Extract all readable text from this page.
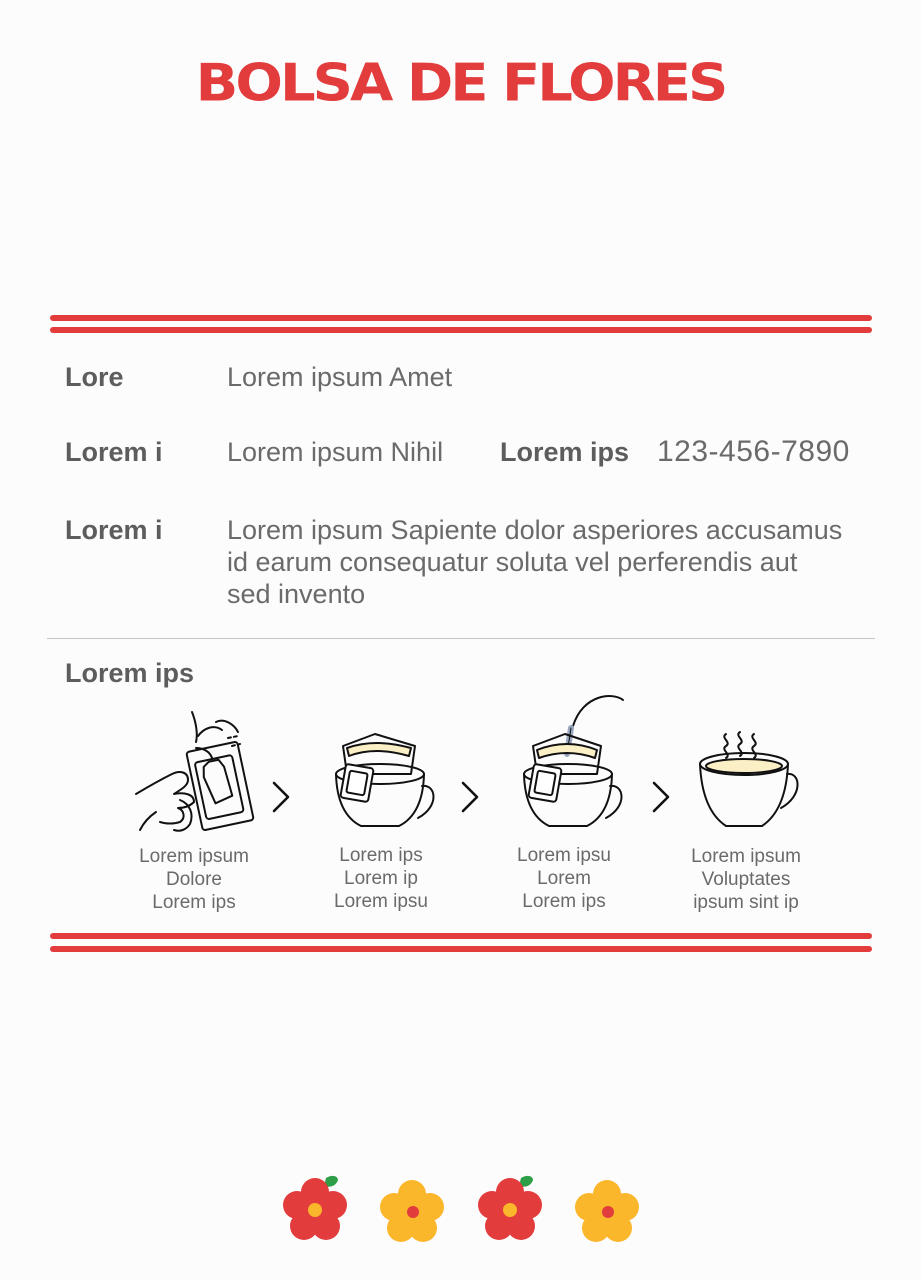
BOLSA DE FLORES
Lore	Lorem ipsum Amet
Lorem i Lorem ipsum Nihil Lorem ips 123-456-7890
Lorem i Lorem ipsum Sapiente dolor asperiores accusamus
id earum consequatur soluta vel perferendis aut
sed invento
Lorem ips
Lorem ipsum
Dolore
Lorem ips
Lorem ips
Lorem ip
Lorem ipsu
Lorem ipsu
Lorem
Lorem ips
Lorem ipsum
Voluptates
ipsum sint ip
